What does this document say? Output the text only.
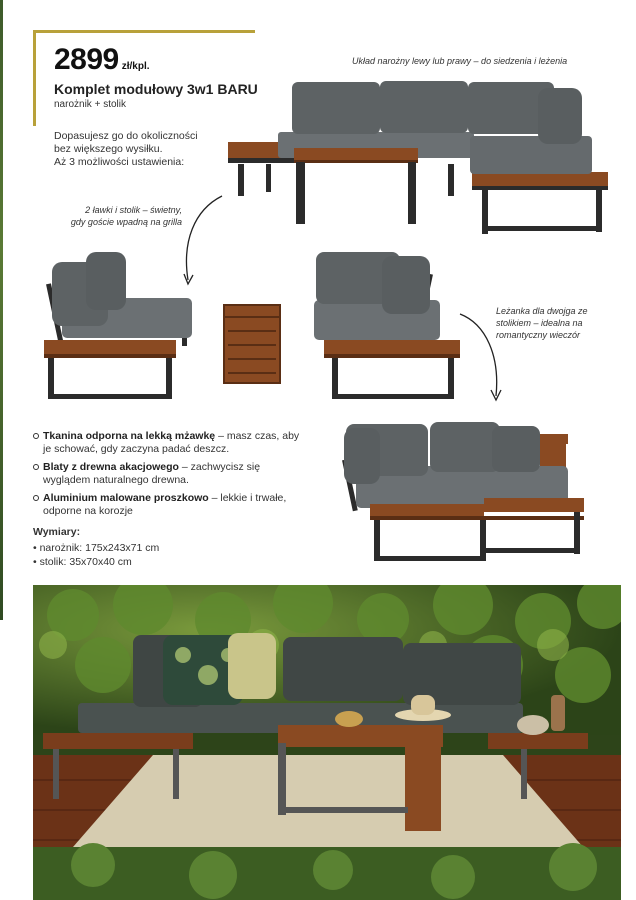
2899 zł/kpl.
Komplet modułowy 3w1 BARU
narożnik + stolik
Dopasujesz go do okoliczności
bez większego wysiłku.
Aż 3 możliwości ustawienia:
Układ narożny lewy lub prawy – do siedzenia i leżenia
2 ławki i stolik – świetny,
gdy goście wpadną na grilla
Leżanka dla dwojga ze
stolikiem – idealna na
romantyczny wieczór
Tkanina odporna na lekką mżawkę – masz czas, aby je schować, gdy zaczyna padać deszcz.
Blaty z drewna akacjowego – zachwycisz się wyglądem naturalnego drewna.
Aluminium malowane proszkowo – lekkie i trwałe, odporne na korozje
Wymiary:
• narożnik: 175x243x71 cm
• stolik: 35x70x40 cm
